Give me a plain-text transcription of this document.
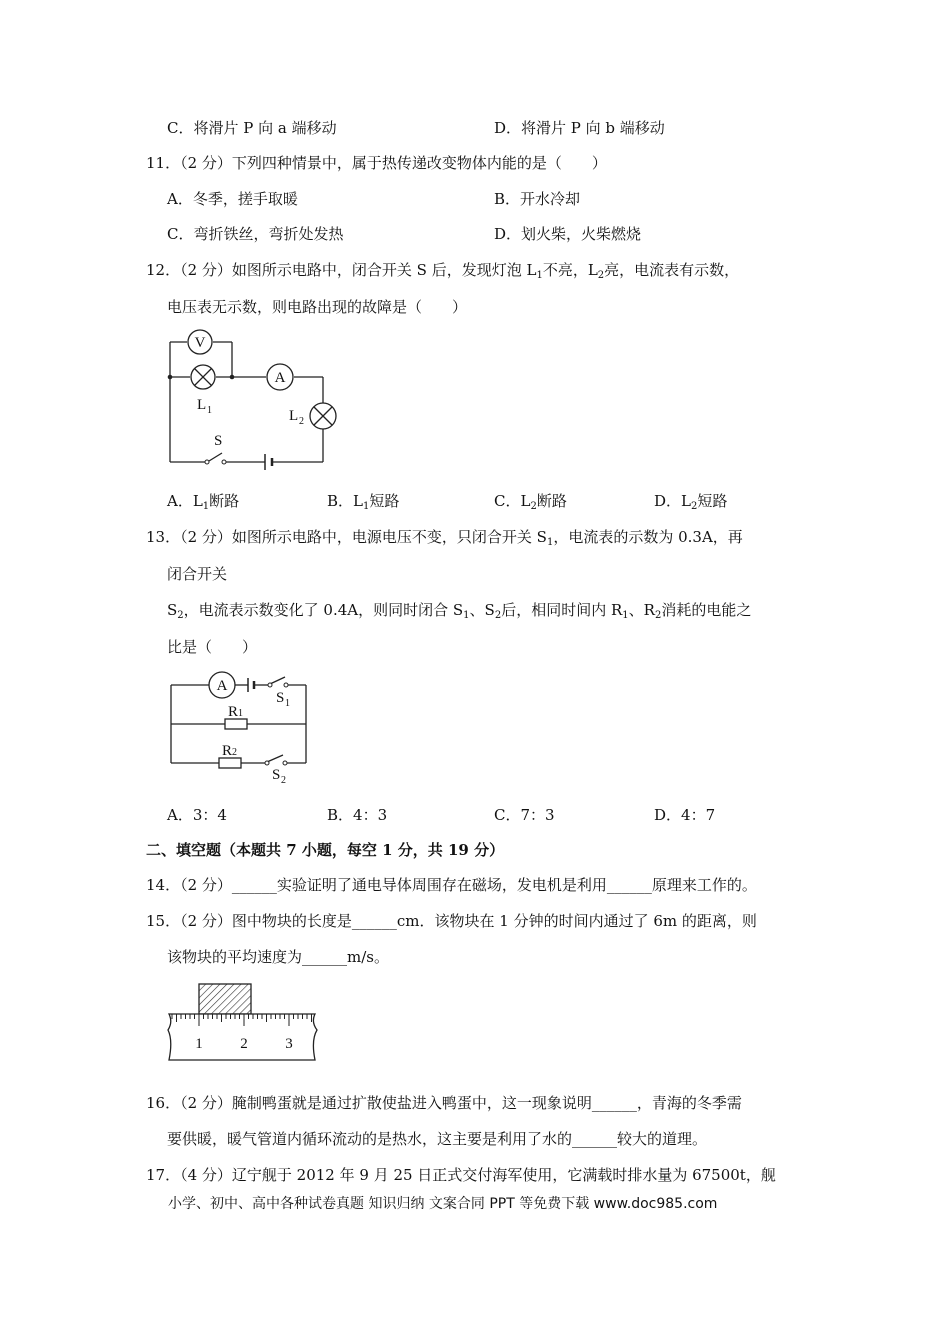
C．将滑片 P 向 a 端移动	D．将滑片 P 向 b 端移动
11．（2 分）下列四种情景中，属于热传递改变物体内能的是（　　）
A．冬季，搓手取暖	B．开水冷却
C．弯折铁丝，弯折处发热	D．划火柴，火柴燃烧
12．（2 分）如图所示电路中，闭合开关 S 后，发现灯泡 $L_1$不亮，$L_2$亮，电流表有示数，
电压表无示数，则电路出现的故障是（　　）
V
A
L 1	L 2
S
A．$L_1$断路	B．$L_1$短路	C．$L_2$断路	D．$L_2$短路
13．（2 分）如图所示电路中，电源电压不变，只闭合开关 $S_1$，电流表的示数为 0.3A，再
闭合开关
$S_2$，电流表示数变化了 0.4A，则同时闭合 $S_1$、$S_2$后，相同时间内 $R_1$、$R_2$消耗的电能之
比是（　　）
A
S 1
R 1
R 2
S 2
A．3：4	B．4：3	C．7：3	D．4：7
二、填空题（本题共 7 小题，每空 1 分，共 19 分）
14．（2 分）______实验证明了通电导体周围存在磁场，发电机是利用______原理来工作的。
15．（2 分）图中物块的长度是______cm．该物块在 1 分钟的时间内通过了 6m 的距离，则
该物块的平均速度为______m/s。
1	2	3
16．（2 分）腌制鸭蛋就是通过扩散使盐进入鸭蛋中，这一现象说明______，青海的冬季需
要供暖，暖气管道内循环流动的是热水，这主要是利用了水的______较大的道理。
17．（4 分）辽宁舰于 2012 年 9 月 25 日正式交付海军使用，它满载时排水量为 67500t，舰
小学、初中、高中各种试卷真题 知识归纳 文案合同 PPT 等免费下载 www.doc985.com
